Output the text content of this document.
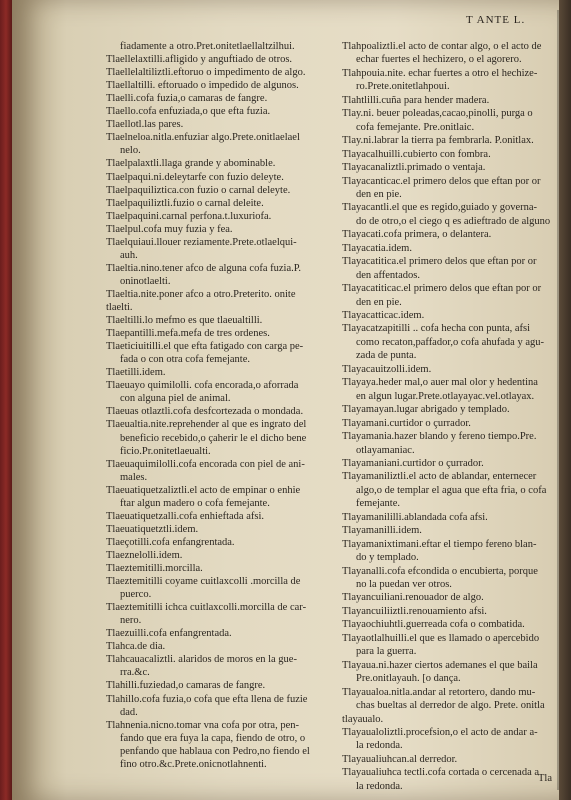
T ANTE L.
fiadamente a otro.Pret.onitetlaellaltzilhui.
Tlaellelaxtilli.afligido y anguftiado de otros.
Tlaellelaltiliztli.eftoruo o impedimento de algo.
Tlaellaltilli. eftoruado o impedido de algunos.
Tlaelli.cofa fuzia,o camaras de fangre.
Tlaello.cofa enfuziada,o que efta fuzia.
Tlaellotl.las pares.
Tlaelneloa.nitla.enfuziar algo.Prete.onitlaelael
nelo.
Tlaelpalaxtli.llaga grande y abominable.
Tlaelpaqui.ni.deleytarfe con fuzio deleyte.
Tlaelpaquiliztica.con fuzio o carnal deleyte.
Tlaelpaquiliztli.fuzio o carnal deleite.
Tlaelpaquini.carnal perfona.t.luxuriofa.
Tlaelpul.cofa muy fuzia y fea.
Tlaelquiaui.llouer reziamente.Prete.otlaelqui-
auh.
Tlaeltia.nino.tener afco de alguna cofa fuzia.P.
oninotlaelti.
Tlaeltia.nite.poner afco a otro.Preterito. onite
tlaelti.
Tlaeltilli.lo mefmo es que tlaeualtilli.
Tlaepantilli.mefa.mefa de tres ordenes.
Tlaeticiuitilli.el que efta fatigado con carga pe-
fada o con otra cofa femejante.
Tlaetilli.idem.
Tlaeuayo quimilolli. cofa encorada,o aforrada
con alguna piel de animal.
Tlaeuas otlaztli.cofa desfcortezada o mondada.
Tlaeualtia.nite.reprehender al que es ingrato del
beneficio recebido,o çaherir le el dicho bene
ficio.Pr.onitetlaeualti.
Tlaeuaquimilolli.cofa encorada con piel de ani-
males.
Tlaeuatiquetzaliztli.el acto de empinar o enhie
ftar algun madero o cofa femejante.
Tlaeuatiquetzalli.cofa enhieftada afsi.
Tlaeuatiquetztli.idem.
Tlaeçotilli.cofa enfangrentada.
Tlaeznelolli.idem.
Tlaeztemitilli.morcilla.
Tlaeztemitilli coyame cuitlaxcolli .morcilla de
puerco.
Tlaeztemitilli ichca cuitlaxcolli.morcilla de car-
nero.
Tlaezuilli.cofa enfangrentada.
Tlahca.de dia.
Tlahcauacaliztli. alaridos de moros en la gue-
rra.&c.
Tlahilli.fuziedad,o camaras de fangre.
Tlahillo.cofa fuzia,o cofa que efta llena de fuzie
dad.
Tlahnenia.nicno.tomar vna cofa por otra, pen-
fando que era fuya la capa, fiendo de otro, o
penfando que hablaua con Pedro,no fiendo el
fino otro.&c.Prete.onicnotlahnenti.
Tlahpoaliztli.el acto de contar algo, o el acto de
echar fuertes el hechizero, o el agorero.
Tlahpouia.nite. echar fuertes a otro el hechize-
ro.Prete.onitetlahpoui.
Tlahtlilli.cuña para hender madera.
Tlay.ni. beuer poleadas,cacao,pinolli, purga o
cofa femejante. Pre.onitlaic.
Tlay.ni.labrar la tierra pa fembrarla. P.onitlax.
Tlayacalhuilli.cubierto con fombra.
Tlayacanaliztli.primado o ventaja.
Tlayacanticac.el primero delos que eftan por or
den en pie.
Tlayacantli.el que es regido,guiado y governa-
do de otro,o el ciego q es adieftrado de alguno
Tlayacati.cofa primera, o delantera.
Tlayacatia.idem.
Tlayacatitica.el primero delos que eftan por or
den affentados.
Tlayacatiticac.el primero delos que eftan por or
den en pie.
Tlayacatticac.idem.
Tlayacatzapitilli .. cofa hecha con punta, afsi
como recaton,paffador,o cofa ahufada y agu-
zada de punta.
Tlayacauitzolli.idem.
Tlayaya.heder mal,o auer mal olor y hedentina
en algun lugar.Prete.otlayayac.vel.otlayax.
Tlayamayan.lugar abrigado y templado.
Tlayamani.curtidor o çurrador.
Tlayamania.hazer blando y fereno tiempo.Pre.
otlayamaniac.
Tlayamaniani.curtidor o çurrador.
Tlayamaniliztli.el acto de ablandar, enternecer
algo,o de templar el agua que efta fria, o cofa
femejante.
Tlayamanililli.ablandada cofa afsi.
Tlayamanilli.idem.
Tlayamanixtimani.eftar el tiempo fereno blan-
do y templado.
Tlayanalli.cofa efcondida o encubierta, porque
no la puedan ver otros.
Tlayancuiliani.renouador de algo.
Tlayancuiliiztli.renouamiento afsi.
Tlayaochiuhtli.guerreada cofa o combatida.
Tlayaotlalhuilli.el que es llamado o apercebido
para la guerra.
Tlayaua.ni.hazer ciertos ademanes el que baila
Pre.onitlayauh. [o dança.
Tlayaualoa.nitla.andar al retortero, dando mu-
chas bueltas al derredor de algo. Prete. onitla
tlayaualo.
Tlayaualoliztli.procefsion,o el acto de andar a-
la redonda.
Tlayaualiuhcan.al derredor.
Tlayaualiuhca tectli.cofa cortada o cercenada a
la redonda.
Tla
